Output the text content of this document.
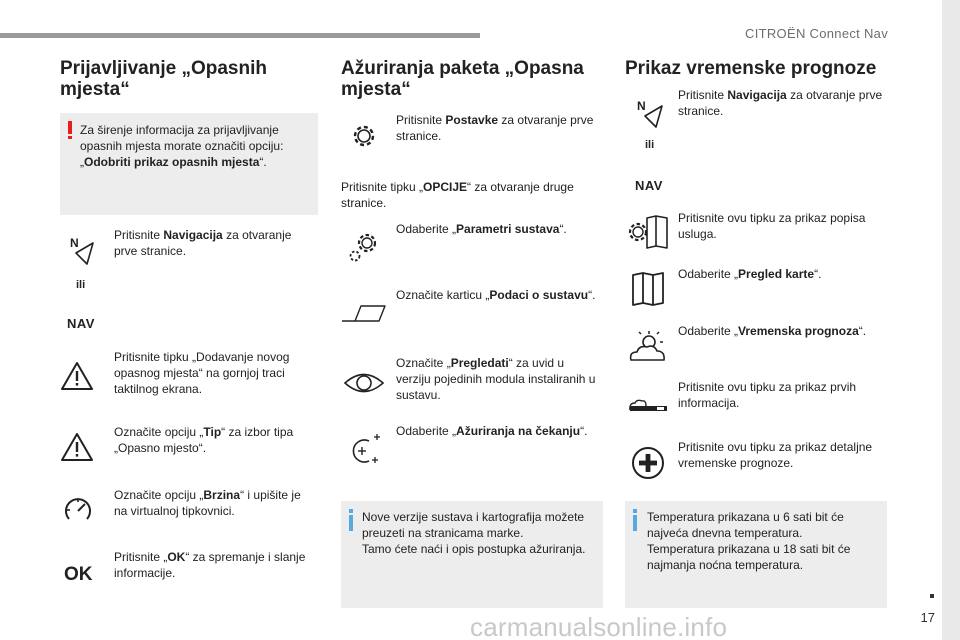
CITROËN Connect Nav
17
carmanualsonline.info
Prijavljivanje „Opasnih mjesta“
Za širenje informacija za prijavljivanje opasnih mjesta morate označiti opciju: „Odobriti prikaz opasnih mjesta“.
N
ili
NAV
Pritisnite Navigacija za otvaranje prve stranice.
Pritisnite tipku „Dodavanje novog opasnog mjesta“ na gornjoj traci taktilnog ekrana.
Označite opciju „Tip“ za izbor tipa „Opasno mjesto“.
Označite opciju „Brzina“ i upišite je na virtualnoj tipkovnici.
OK
Pritisnite „OK“ za spremanje i slanje informacije.
Ažuriranja paketa „Opasna mjesta“
Pritisnite Postavke za otvaranje prve stranice.
Pritisnite tipku „OPCIJE“ za otvaranje druge stranice.
Odaberite „Parametri sustava“.
Označite karticu „Podaci o sustavu“.
Označite „Pregledati“ za uvid u verziju pojedinih modula instaliranih u sustavu.
Odaberite „Ažuriranja na čekanju“.
Nove verzije sustava i kartografija možete preuzeti na stranicama marke.
Tamo ćete naći i opis postupka ažuriranja.
Prikaz vremenske prognoze
N
ili
NAV
Pritisnite Navigacija za otvaranje prve stranice.
Pritisnite ovu tipku za prikaz popisa usluga.
Odaberite „Pregled karte“.
Odaberite „Vremenska prognoza“.
Pritisnite ovu tipku za prikaz prvih informacija.
Pritisnite ovu tipku za prikaz detaljne vremenske prognoze.
Temperatura prikazana u 6 sati bit će najveća dnevna temperatura.
Temperatura prikazana u 18 sati bit će najmanja noćna temperatura.
